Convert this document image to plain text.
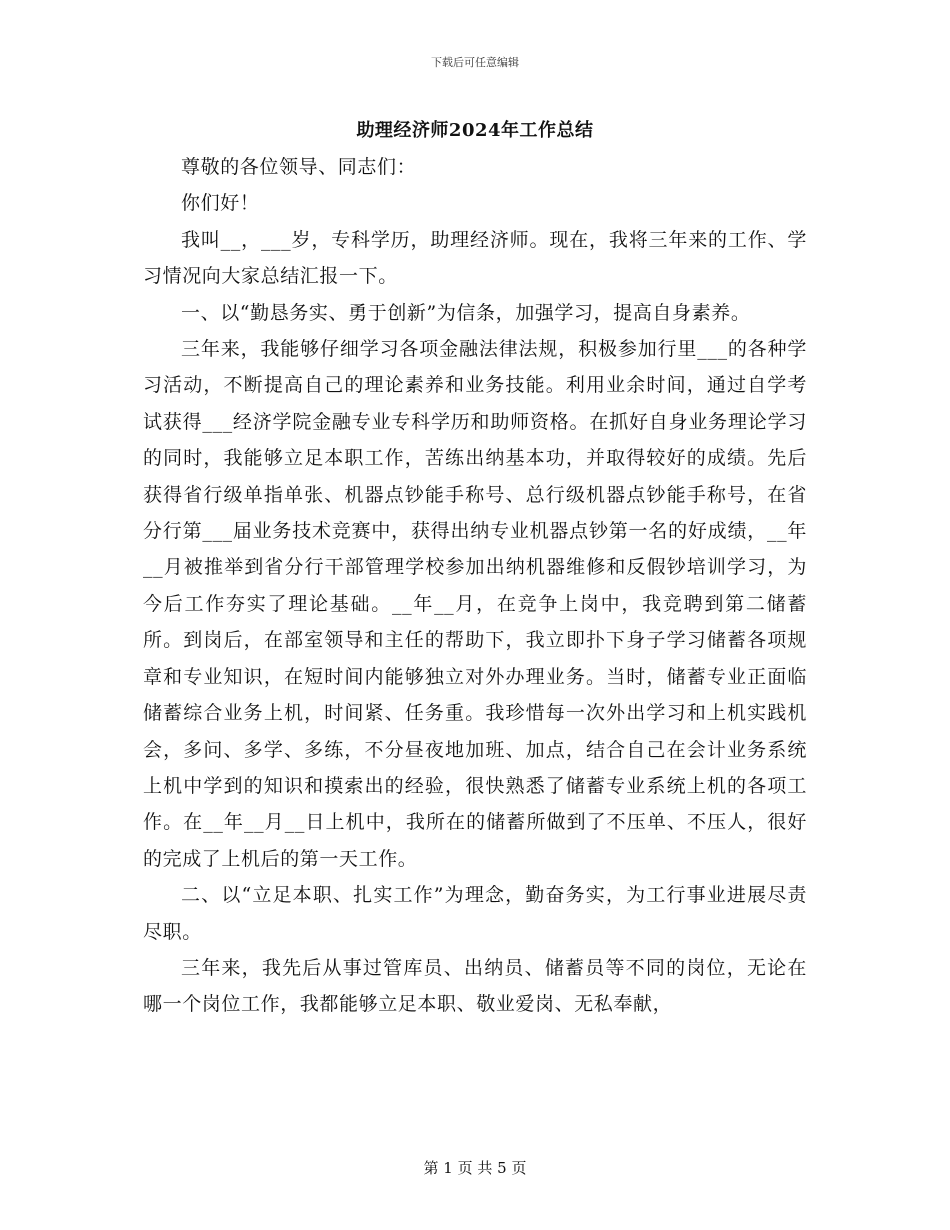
下载后可任意编辑
助理经济师2024年工作总结

尊敬的各位领导、同志们：

你们好！

我叫__，___岁，专科学历，助理经济师。现在，我将三年来的工作、学习情况向大家总结汇报一下。

一、以“勤恳务实、勇于创新”为信条，加强学习，提高自身素养。

三年来，我能够仔细学习各项金融法律法规，积极参加行里___的各种学习活动，不断提高自己的理论素养和业务技能。利用业余时间，通过自学考试获得___经济学院金融专业专科学历和助师资格。在抓好自身业务理论学习的同时，我能够立足本职工作，苦练出纳基本功，并取得较好的成绩。先后获得省行级单指单张、机器点钞能手称号、总行级机器点钞能手称号，在省分行第___届业务技术竞赛中，获得出纳专业机器点钞第一名的好成绩，__年__月被推举到省分行干部管理学校参加出纳机器维修和反假钞培训学习，为今后工作夯实了理论基础。__年__月，在竞争上岗中，我竞聘到第二储蓄所。到岗后，在部室领导和主任的帮助下，我立即扑下身子学习储蓄各项规章和专业知识，在短时间内能够独立对外办理业务。当时，储蓄专业正面临储蓄综合业务上机，时间紧、任务重。我珍惜每一次外出学习和上机实践机会，多问、多学、多练，不分昼夜地加班、加点，结合自己在会计业务系统上机中学到的知识和摸索出的经验，很快熟悉了储蓄专业系统上机的各项工作。在__年__月__日上机中，我所在的储蓄所做到了不压单、不压人，很好的完成了上机后的第一天工作。

二、以“立足本职、扎实工作”为理念，勤奋务实，为工行事业进展尽责尽职。

三年来，我先后从事过管库员、出纳员、储蓄员等不同的岗位，无论在哪一个岗位工作，我都能够立足本职、敬业爱岗、无私奉献，

第 1 页 共 5 页
